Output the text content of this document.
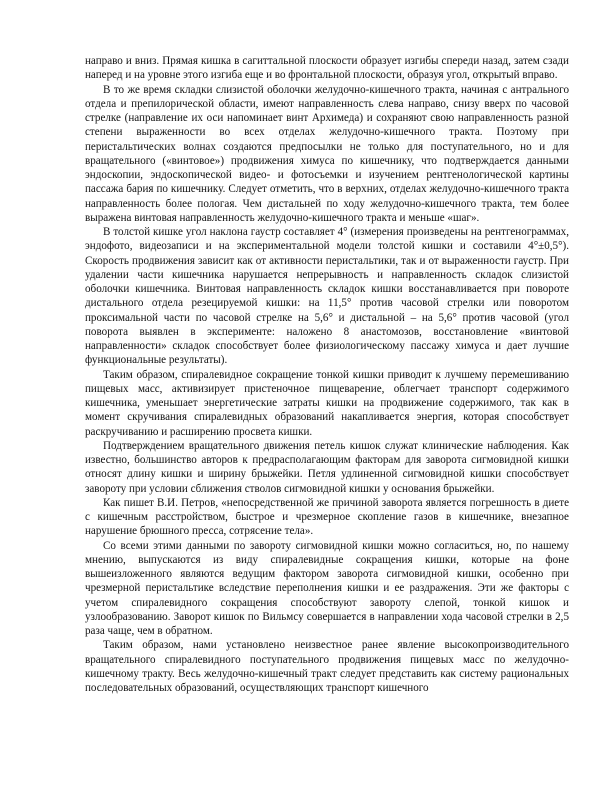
направо и вниз. Прямая кишка в сагиттальной плоскости образует изгибы спереди назад, затем сзади наперед и на уровне этого изгиба еще и во фронтальной плоскости, образуя угол, открытый вправо.

В то же время складки слизистой оболочки желудочно-кишечного тракта, начиная с антрального отдела и препилорической области, имеют направленность слева направо, снизу вверх по часовой стрелке (направление их оси напоминает винт Архимеда) и сохраняют свою направленность разной степени выраженности во всех отделах желудочно-кишечного тракта. Поэтому при перистальтических волнах создаются предпосылки не только для поступательного, но и для вращательного («винтовое») продвижения химуса по кишечнику, что подтверждается данными эндоскопии, эндоскопической видео- и фотосъемки и изучением рентгенологической картины пассажа бария по кишечнику. Следует отметить, что в верхних, отделах желудочно-кишечного тракта направленность более пологая. Чем дистальней по ходу желудочно-кишечного тракта, тем более выражена винтовая направленность желудочно-кишечного тракта и меньше «шаг».

В толстой кишке угол наклона гаустр составляет 4° (измерения произведены на рентгенограммах, эндофото, видеозаписи и на экспериментальной модели толстой кишки и составили 4°±0,5°). Скорость продвижения зависит как от активности перистальтики, так и от выраженности гаустр. При удалении части кишечника нарушается непрерывность и направленность складок слизистой оболочки кишечника. Винтовая направленность складок кишки восстанавливается при повороте дистального отдела резецируемой кишки: на 11,5° против часовой стрелки или поворотом проксимальной части по часовой стрелке на 5,6° и дистальной – на 5,6° против часовой (угол поворота выявлен в эксперименте: наложено 8 анастомозов, восстановление «винтовой направленности» складок способствует более физиологическому пассажу химуса и дает лучшие функциональные результаты).

Таким образом, спиралевидное сокращение тонкой кишки приводит к лучшему перемешиванию пищевых масс, активизирует пристеночное пищеварение, облегчает транспорт содержимого кишечника, уменьшает энергетические затраты кишки на продвижение содержимого, так как в момент скручивания спиралевидных образований накапливается энергия, которая способствует раскручиванию и расширению просвета кишки.

Подтверждением вращательного движения петель кишок служат клинические наблюдения. Как известно, большинство авторов к предрасполагающим факторам для заворота сигмовидной кишки относят длину кишки и ширину брыжейки. Петля удлиненной сигмовидной кишки способствует завороту при условии сближения стволов сигмовидной кишки у основания брыжейки.

Как пишет В.И. Петров, «непосредственной же причиной заворота является погрешность в диете с кишечным расстройством, быстрое и чрезмерное скопление газов в кишечнике, внезапное нарушение брюшного пресса, сотрясение тела».

Со всеми этими данными по завороту сигмовидной кишки можно согласиться, но, по нашему мнению, выпускаются из виду спиралевидные сокращения кишки, которые на фоне вышеизложенного являются ведущим фактором заворота сигмовидной кишки, особенно при чрезмерной перистальтике вследствие переполнения кишки и ее раздражения. Эти же факторы с учетом спиралевидного сокращения способствуют завороту слепой, тонкой кишок и узлообразованию. Заворот кишок по Вильмсу совершается в направлении хода часовой стрелки в 2,5 раза чаще, чем в обратном.

Таким образом, нами установлено неизвестное ранее явление высокопроизводительного вращательного спиралевидного поступательного продвижения пищевых масс по желудочно-кишечному тракту. Весь желудочно-кишечный тракт следует представить как систему рациональных последовательных образований, осуществляющих транспорт кишечного
